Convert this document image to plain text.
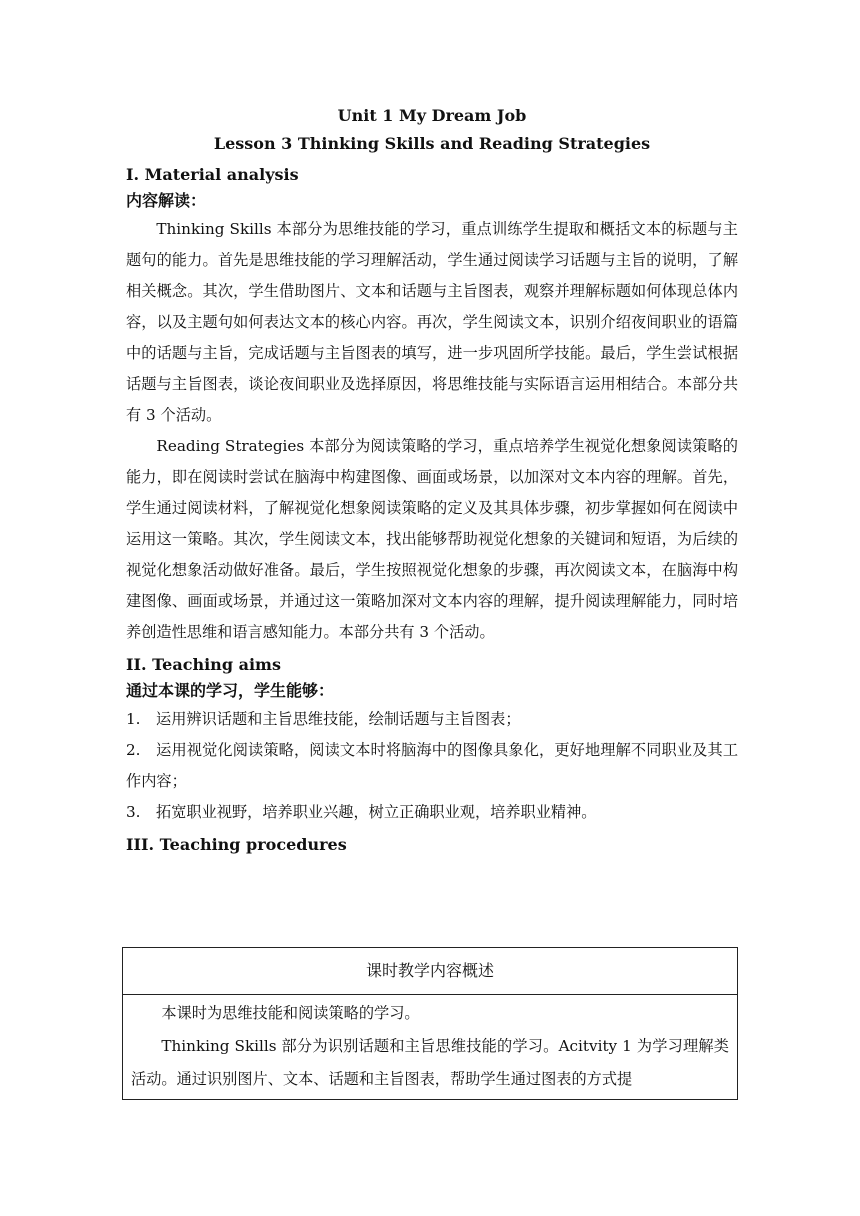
Unit 1 My Dream Job
Lesson 3 Thinking Skills and Reading Strategies
I. Material analysis
内容解读：

Thinking Skills 本部分为思维技能的学习，重点训练学生提取和概括文本的标题与主题句的能力。首先是思维技能的学习理解活动，学生通过阅读学习话题与主旨的说明，了解相关概念。其次，学生借助图片、文本和话题与主旨图表，观察并理解标题如何体现总体内容，以及主题句如何表达文本的核心内容。再次，学生阅读文本，识别介绍夜间职业的语篇中的话题与主旨，完成话题与主旨图表的填写，进一步巩固所学技能。最后，学生尝试根据话题与主旨图表，谈论夜间职业及选择原因，将思维技能与实际语言运用相结合。本部分共有 3 个活动。

Reading Strategies 本部分为阅读策略的学习，重点培养学生视觉化想象阅读策略的能力，即在阅读时尝试在脑海中构建图像、画面或场景，以加深对文本内容的理解。首先，学生通过阅读材料，了解视觉化想象阅读策略的定义及其具体步骤，初步掌握如何在阅读中运用这一策略。其次，学生阅读文本，找出能够帮助视觉化想象的关键词和短语，为后续的视觉化想象活动做好准备。最后，学生按照视觉化想象的步骤，再次阅读文本，在脑海中构建图像、画面或场景，并通过这一策略加深对文本内容的理解，提升阅读理解能力，同时培养创造性思维和语言感知能力。本部分共有 3 个活动。

II. Teaching aims
通过本课的学习，学生能够：

1. 运用辨识话题和主旨思维技能，绘制话题与主旨图表；

2. 运用视觉化阅读策略，阅读文本时将脑海中的图像具象化，更好地理解不同职业及其工作内容；

3. 拓宽职业视野，培养职业兴趣，树立正确职业观，培养职业精神。

III. Teaching procedures
课时教学内容概述

本课时为思维技能和阅读策略的学习。

Thinking Skills 部分为识别话题和主旨思维技能的学习。Acitvity 1 为学习理解类活动。通过识别图片、文本、话题和主旨图表，帮助学生通过图表的方式提
